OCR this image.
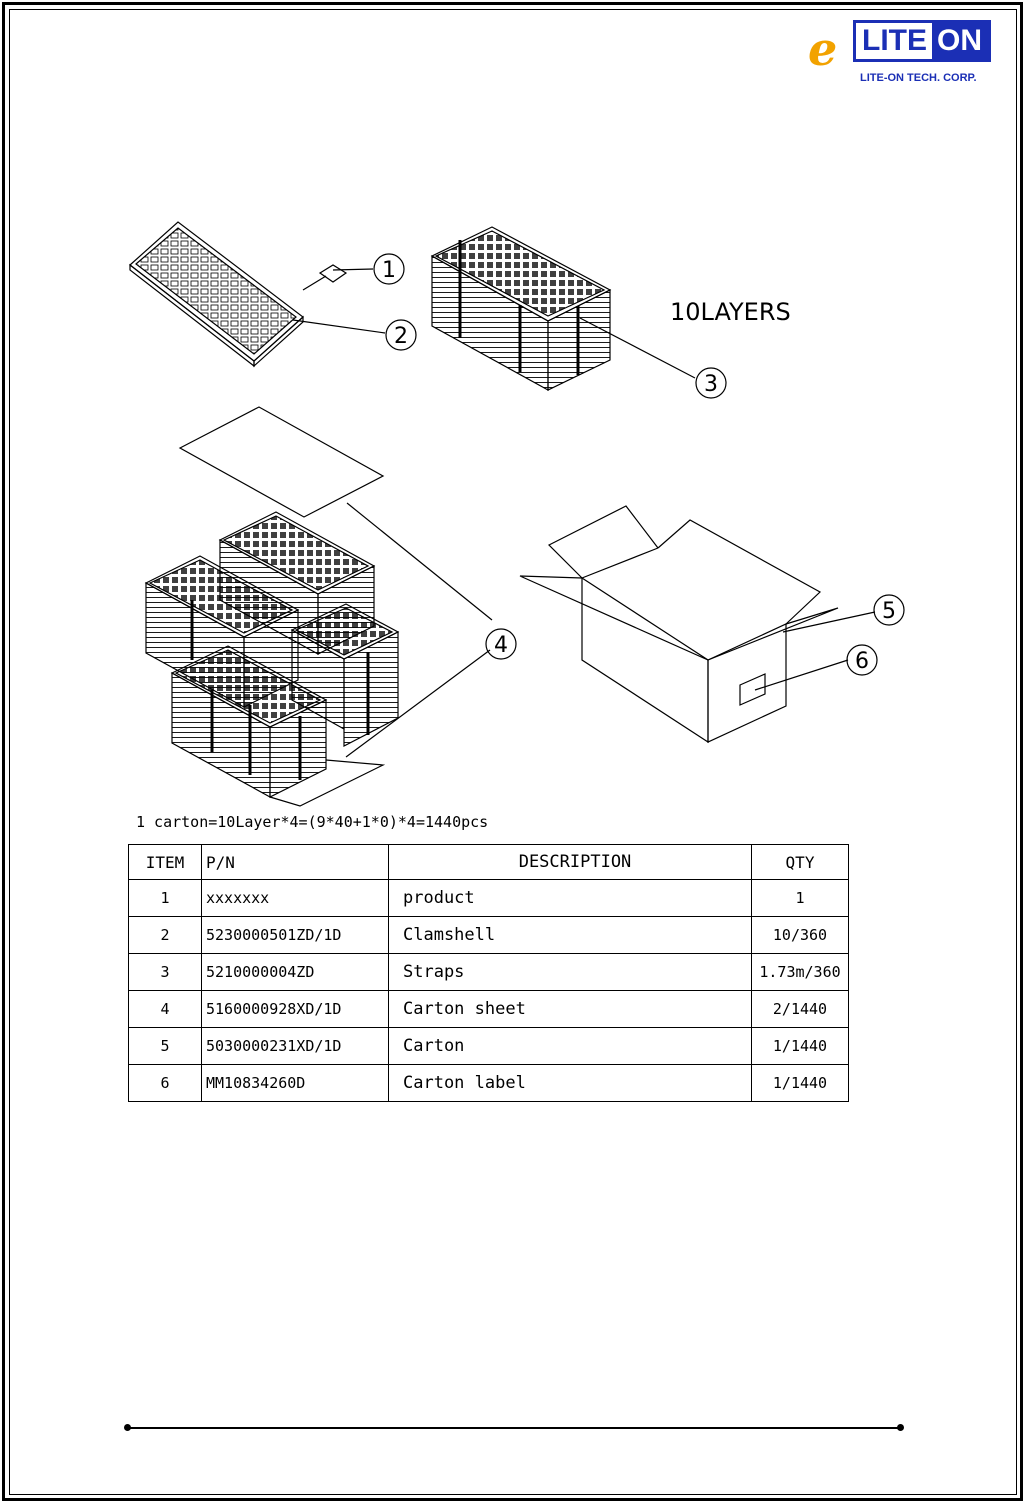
e LITE ON
LITE-ON TECH. CORP.
10LAYERS
1
2
3
4
5
6
1 carton=10Layer*4=(9*40+1*0)*4=1440pcs
ITEM	P/N	DESCRIPTION	QTY
1	xxxxxxx	product	1
2	5230000501ZD/1D	Clamshell	10/360
3	5210000004ZD	Straps	1.73m/360
4	5160000928XD/1D	Carton sheet	2/1440
5	5030000231XD/1D	Carton	1/1440
6	MM10834260D	Carton label	1/1440
